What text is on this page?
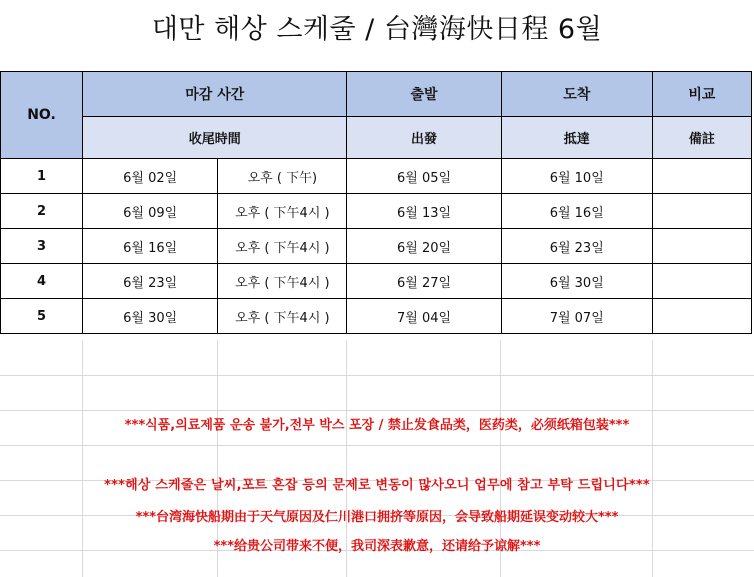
대만 해상 스케줄 / 台灣海快日程 6월
NO.	마감 사간		출발	도착	비교
	收尾時間		出發	抵達	備註
1	6월 02일	오후 ( 下午)	6월 05일	6월 10일	
2	6월 09일	오후 ( 下午4시 )	6월 13일	6월 16일	
3	6월 16일	오후 ( 下午4시 )	6월 20일	6월 23일	
4	6월 23일	오후 ( 下午4시 )	6월 27일	6월 30일	
5	6월 30일	오후 ( 下午4시 )	7월 04일	7월 07일	
***식품,의료제품 운송 불가,전부 박스 포장 / 禁止发食品类，医药类，必须纸箱包装***
***해상 스케줄은 날씨,포트 혼잡 등의 문제로 변동이 많사오니 업무에 참고 부탁 드립니다***
***台湾海快船期由于天气原因及仁川港口拥挤等原因，会导致船期延误变动较大***
***给贵公司带来不便，我司深表歉意，还请给予谅解***
